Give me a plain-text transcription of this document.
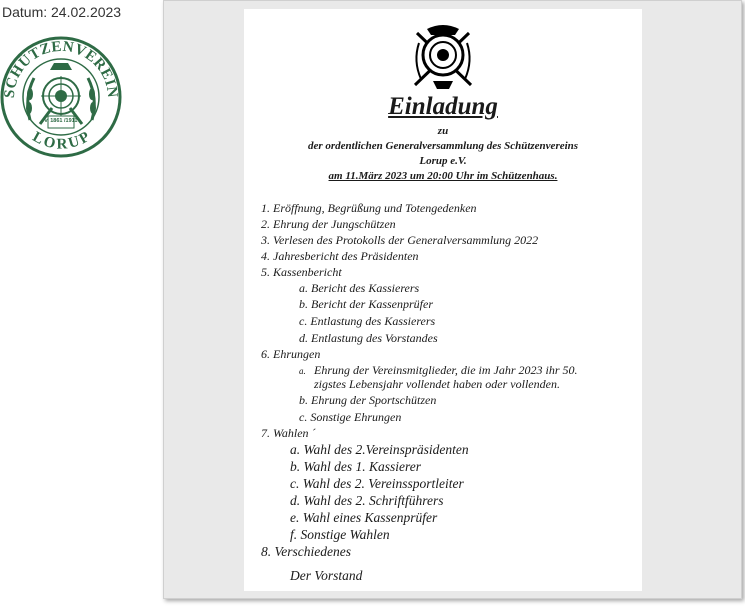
Datum: 24.02.2023
SCHÜTZENVEREIN
LORUP
v. 1861 /1911
Einladung
zu
der ordentlichen Generalversammlung des Schützenvereins
Lorup e.V.
am 11.März 2023 um 20:00 Uhr im Schützenhaus.
1. Eröffnung, Begrüßung und Totengedenken
2. Ehrung der Jungschützen
3. Verlesen des Protokolls der Generalversammlung 2022
4. Jahresbericht des Präsidenten
5. Kassenbericht
a. Bericht des Kassierers
b. Bericht der Kassenprüfer
c. Entlastung des Kassierers
d. Entlastung des Vorstandes
6. Ehrungen
a. Ehrung der Vereinsmitglieder, die im Jahr 2023 ihr 50.
zigstes Lebensjahr vollendet haben oder vollenden.
b. Ehrung der Sportschützen
c. Sonstige Ehrungen
7. Wahlen ´
a. Wahl des 2.Vereinspräsidenten
b. Wahl des 1. Kassierer
c. Wahl des 2. Vereinssportleiter
d. Wahl des 2. Schriftführers
e. Wahl eines Kassenprüfer
f. Sonstige Wahlen
8. Verschiedenes
Der Vorstand
